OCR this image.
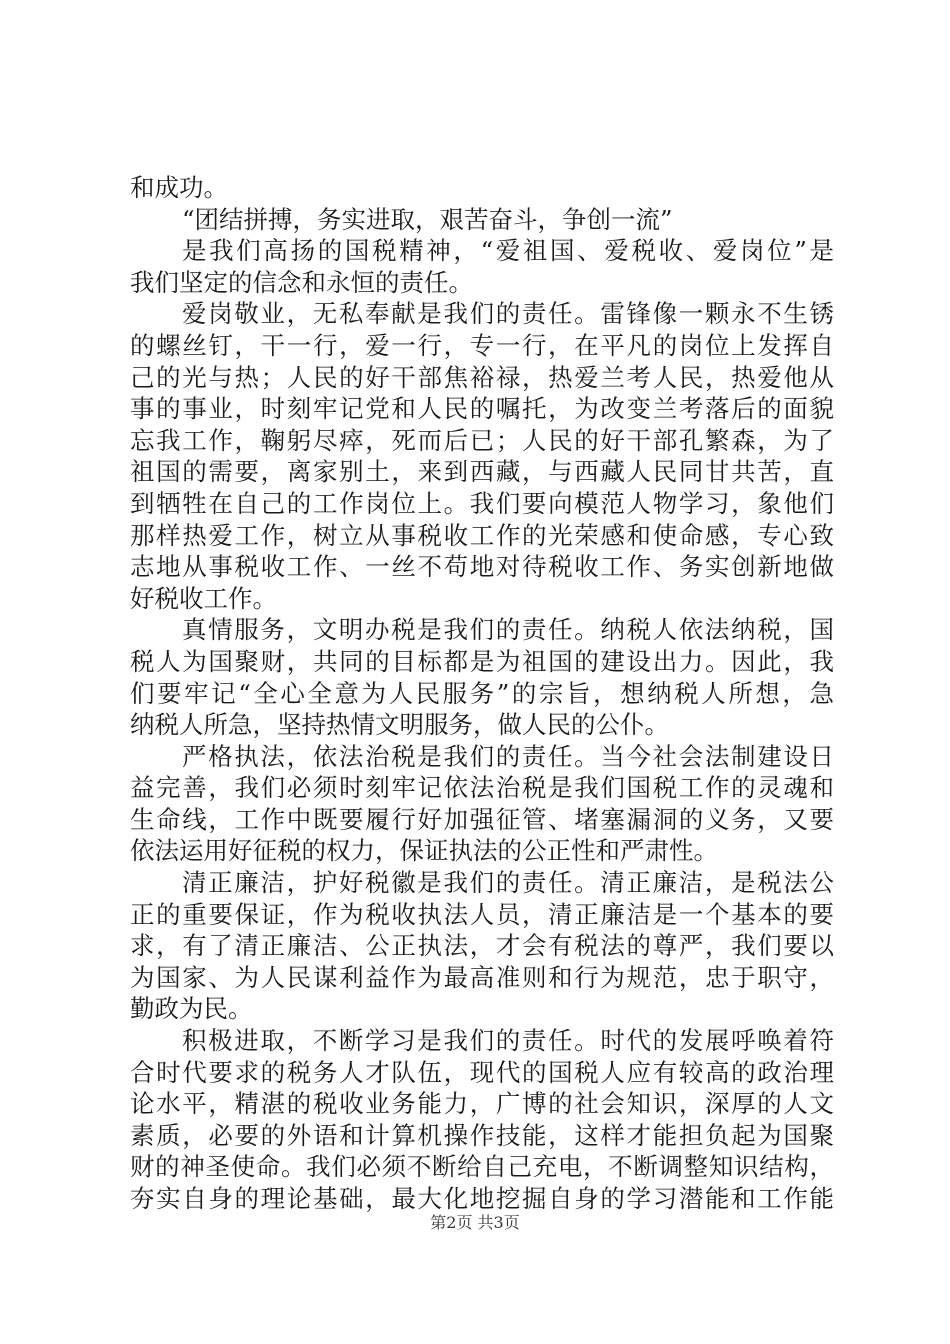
和成功。
“团结拼搏，务实进取，艰苦奋斗，争创一流”
是我们高扬的国税精神，“爱祖国、爱税收、爱岗位”是
我们坚定的信念和永恒的责任。
爱岗敬业，无私奉献是我们的责任。雷锋像一颗永不生锈
的螺丝钉，干一行，爱一行，专一行，在平凡的岗位上发挥自
己的光与热；人民的好干部焦裕禄，热爱兰考人民，热爱他从
事的事业，时刻牢记党和人民的嘱托，为改变兰考落后的面貌
忘我工作，鞠躬尽瘁，死而后已；人民的好干部孔繁森，为了
祖国的需要，离家别土，来到西藏，与西藏人民同甘共苦，直
到牺牲在自己的工作岗位上。我们要向模范人物学习，象他们
那样热爱工作，树立从事税收工作的光荣感和使命感，专心致
志地从事税收工作、一丝不苟地对待税收工作、务实创新地做
好税收工作。
真情服务，文明办税是我们的责任。纳税人依法纳税，国
税人为国聚财，共同的目标都是为祖国的建设出力。因此，我
们要牢记“全心全意为人民服务”的宗旨，想纳税人所想，急
纳税人所急，坚持热情文明服务，做人民的公仆。
严格执法，依法治税是我们的责任。当今社会法制建设日
益完善，我们必须时刻牢记依法治税是我们国税工作的灵魂和
生命线，工作中既要履行好加强征管、堵塞漏洞的义务，又要
依法运用好征税的权力，保证执法的公正性和严肃性。
清正廉洁，护好税徽是我们的责任。清正廉洁，是税法公
正的重要保证，作为税收执法人员，清正廉洁是一个基本的要
求，有了清正廉洁、公正执法，才会有税法的尊严，我们要以
为国家、为人民谋利益作为最高准则和行为规范，忠于职守，
勤政为民。
积极进取，不断学习是我们的责任。时代的发展呼唤着符
合时代要求的税务人才队伍，现代的国税人应有较高的政治理
论水平，精湛的税收业务能力，广博的社会知识，深厚的人文
素质，必要的外语和计算机操作技能，这样才能担负起为国聚
财的神圣使命。我们必须不断给自己充电，不断调整知识结构，
夯实自身的理论基础，最大化地挖掘自身的学习潜能和工作能
第2页 共3页
